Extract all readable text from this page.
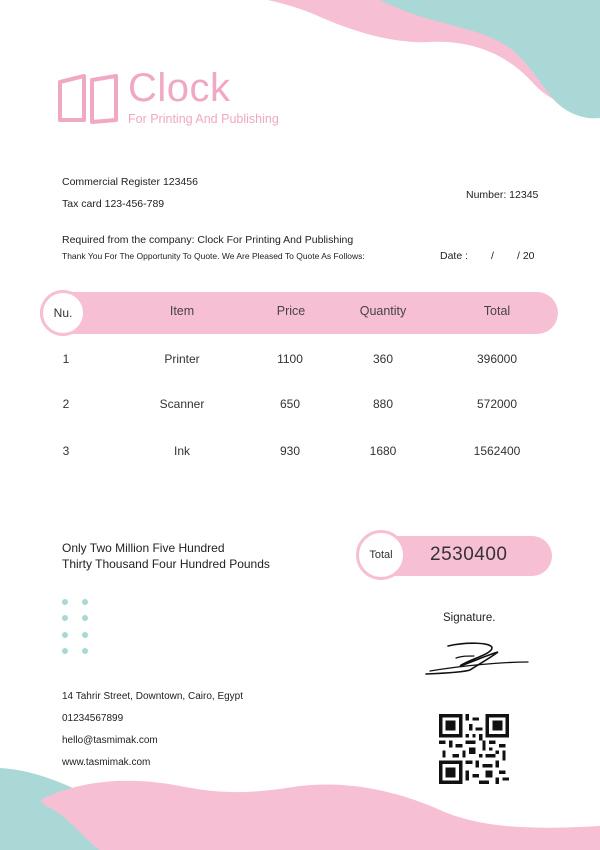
Clock
For Printing And Publishing
Commercial Register 123456
Tax card 123-456-789
Number: 12345
Required from the company: Clock For Printing And Publishing
Thank You For The Opportunity To Quote. We Are Pleased To Quote As Follows:	Date : / / 20
Nu.	Item	Price	Quantity	Total
1	Printer	1100	360	396000
2	Scanner	650	880	572000
3	Ink	930	1680	1562400
Only Two Million Five Hundred
Thirty Thousand Four Hundred Pounds
Total	2530400
Signature.
14 Tahrir Street, Downtown, Cairo, Egypt
01234567899
hello@tasmimak.com
www.tasmimak.com
